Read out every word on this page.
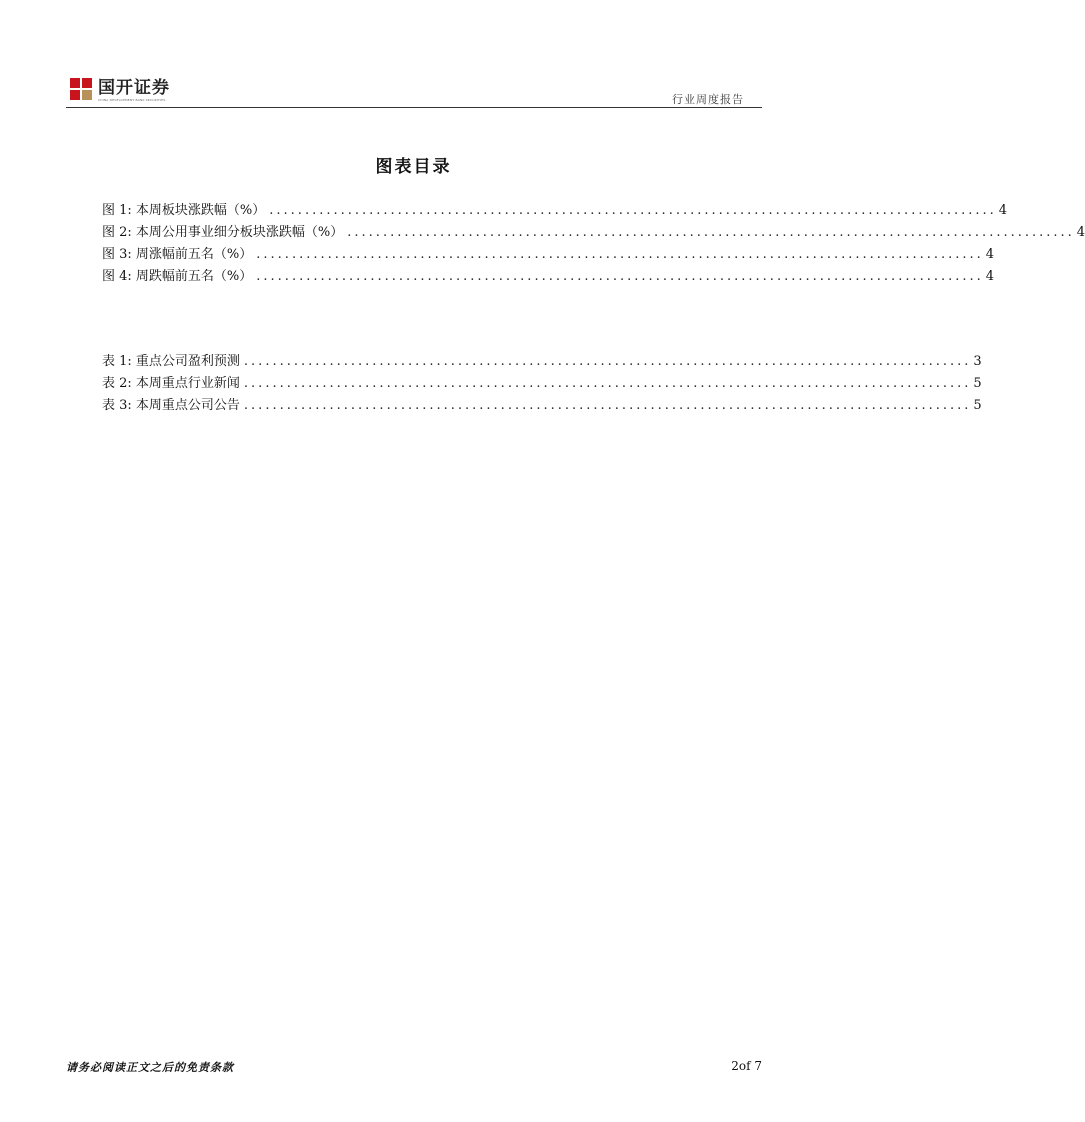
国开证券
CHINA DEVELOPMENT BANK SECURITIES	行业周度报告
图表目录
图 1: 本周板块涨跌幅（%） ...................................................................................................... 4
图 2: 本周公用事业细分板块涨跌幅（%） ...................................................................................................... 4
图 3: 周涨幅前五名（%） ...................................................................................................... 4
图 4: 周跌幅前五名（%） ...................................................................................................... 4
表 1: 重点公司盈利预测 ...................................................................................................... 3
表 2: 本周重点行业新闻 ...................................................................................................... 5
表 3: 本周重点公司公告 ...................................................................................................... 5
请务必阅读正文之后的免责条款	2of 7
